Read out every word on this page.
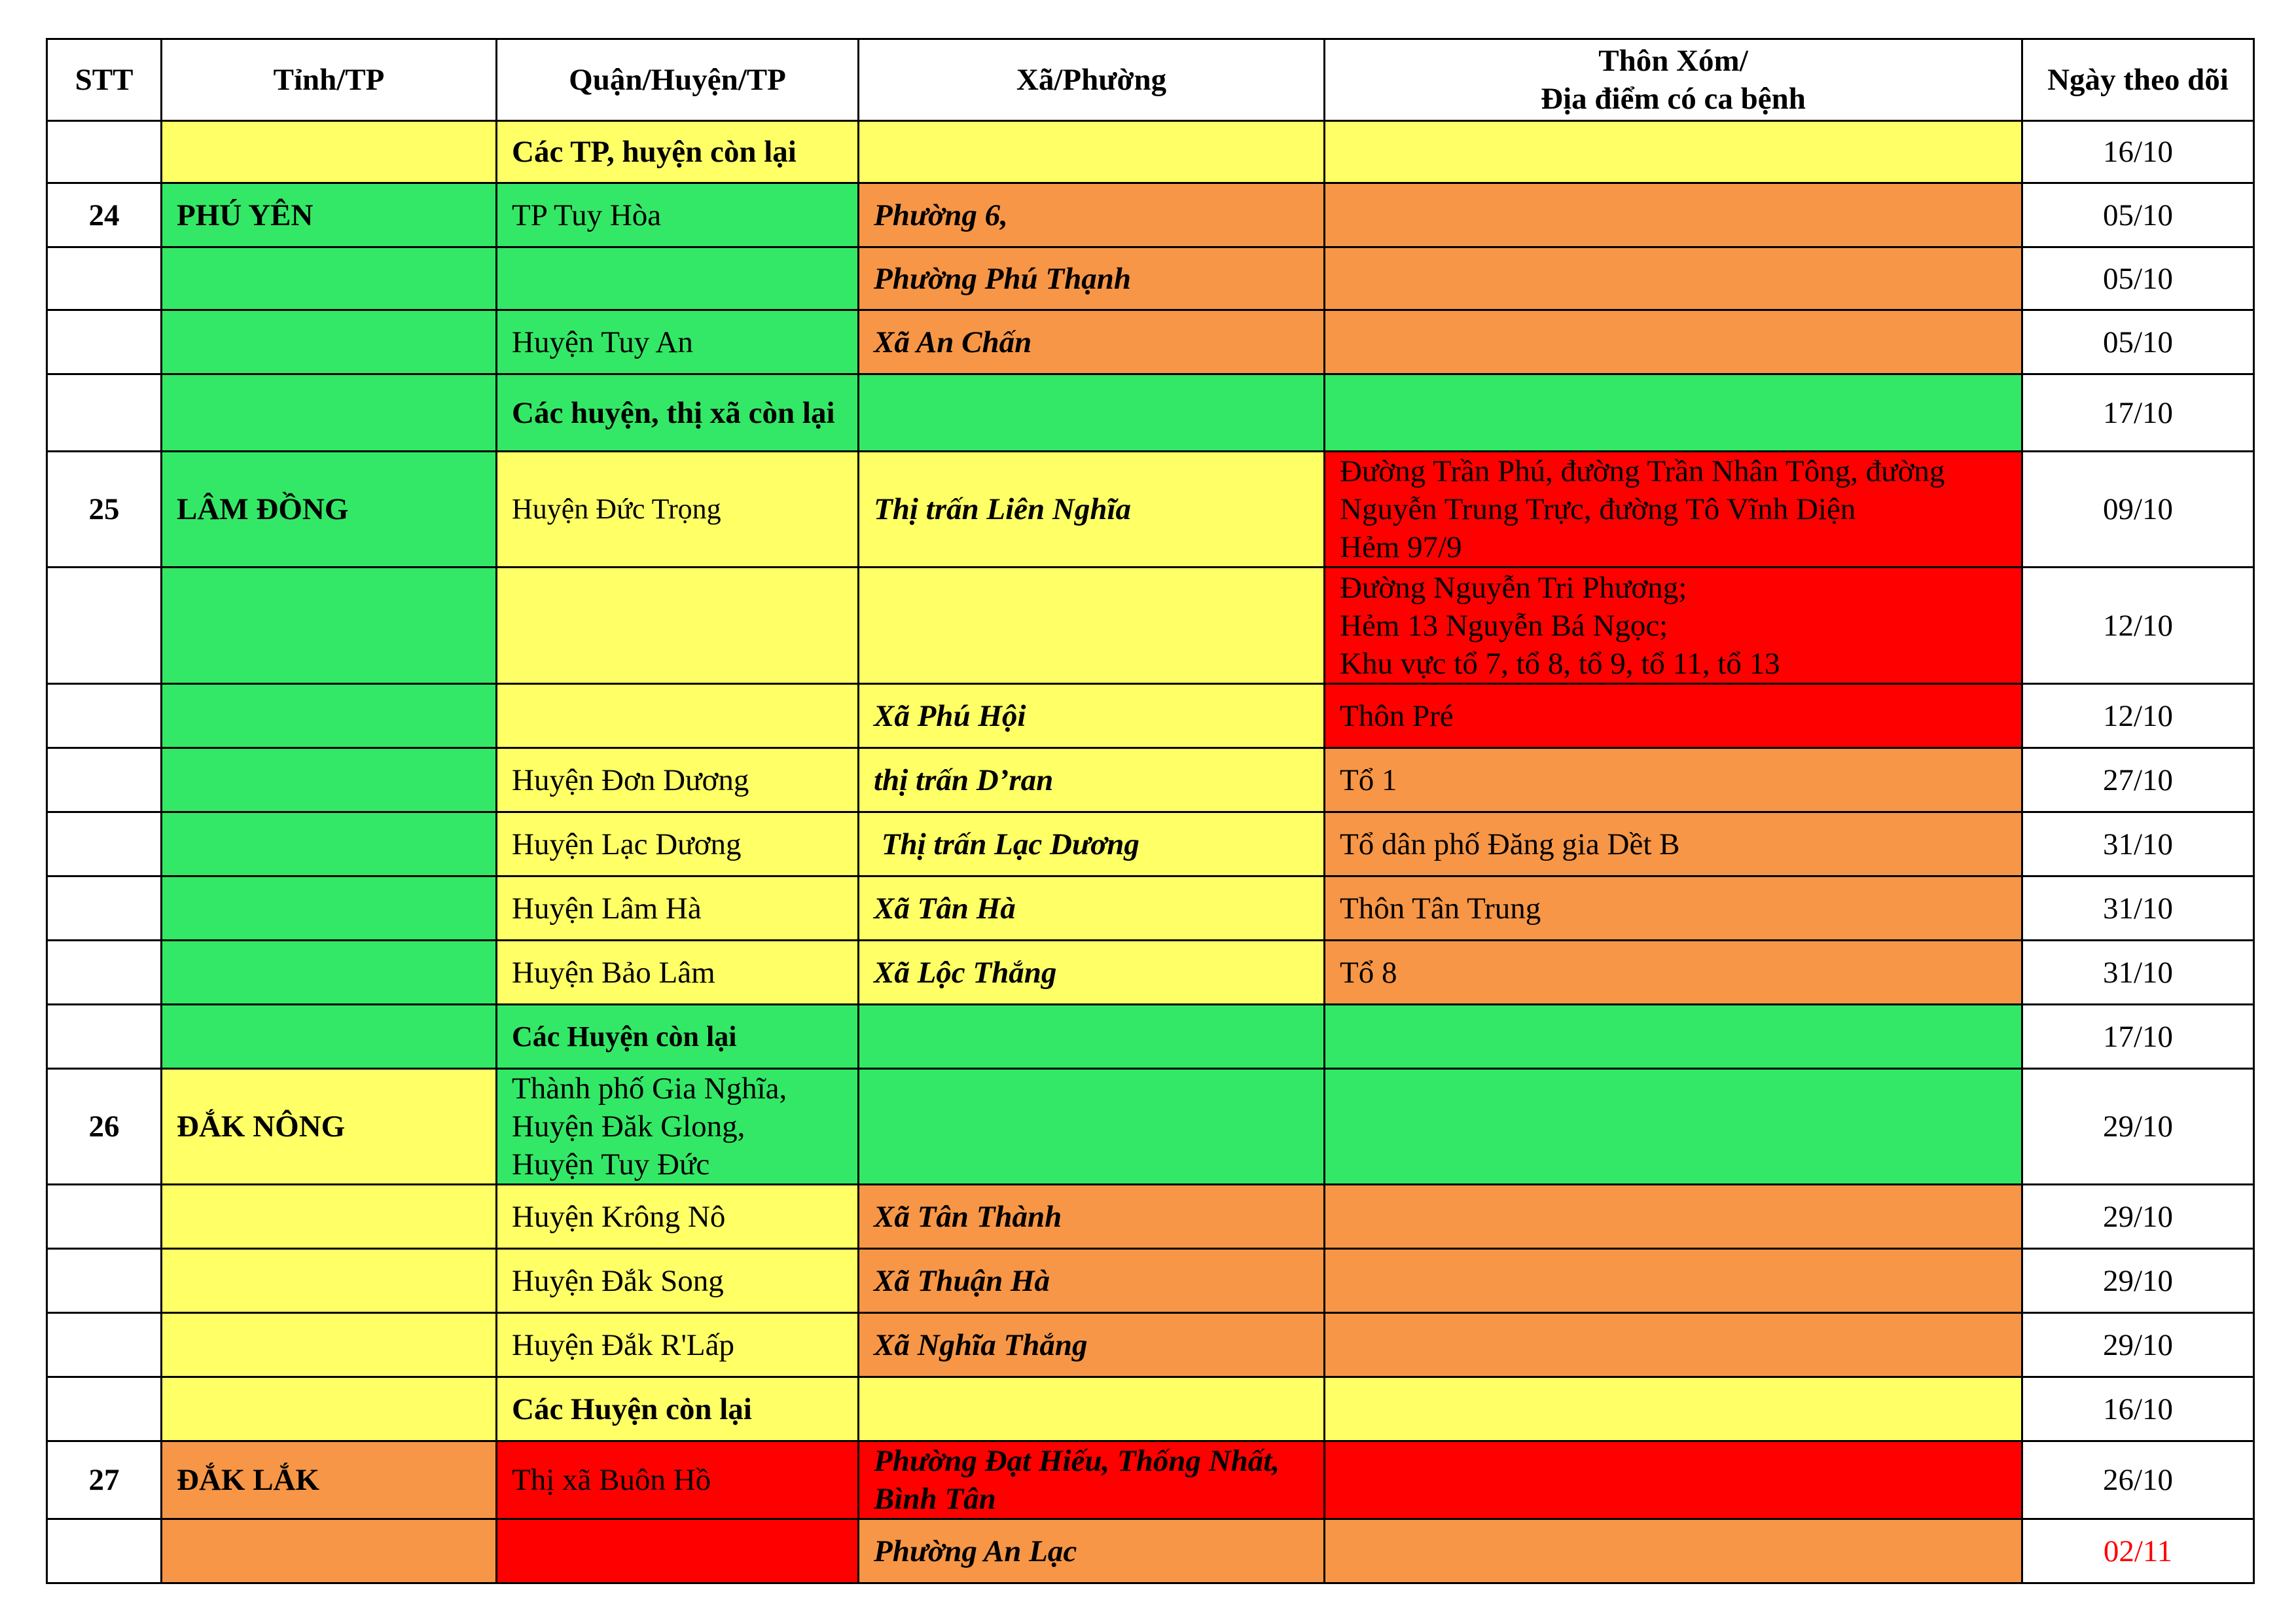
STT	Tỉnh/TP	Quận/Huyện/TP	Xã/Phường	Thôn Xóm/
Địa điểm có ca bệnh	Ngày theo dõi
		Các TP, huyện còn lại			16/10
24	PHÚ YÊN	TP Tuy Hòa	Phường 6,		05/10
			Phường Phú Thạnh		05/10
		Huyện Tuy An	Xã An Chấn		05/10
		Các huyện, thị xã còn lại			17/10
25	LÂM ĐỒNG	Huyện Đức Trọng	Thị trấn Liên Nghĩa	Đường Trần Phú, đường Trần Nhân Tông, đường Nguyễn Trung Trực, đường Tô Vĩnh Diện
Hẻm 97/9	09/10

				Đường Nguyễn Tri Phương;
Hẻm 13 Nguyễn Bá Ngọc;
Khu vực tổ 7, tổ 8, tổ 9, tổ 11, tổ 13	12/10
			Xã Phú Hội	Thôn Pré	12/10
		Huyện Đơn Dương	thị trấn D’ran	Tổ 1	27/10
		Huyện Lạc Dương	Thị trấn Lạc Dương	Tổ dân phố Đăng gia Dềt B	31/10
		Huyện Lâm Hà	Xã Tân Hà	Thôn Tân Trung	31/10
		Huyện Bảo Lâm	Xã Lộc Thắng	Tổ 8	31/10
		Các Huyện còn lại			17/10
26	ĐẮK NÔNG	Thành phố Gia Nghĩa,
Huyện Đăk Glong,
Huyện Tuy Đức			29/10
		Huyện Krông Nô	Xã Tân Thành		29/10
		Huyện Đắk Song	Xã Thuận Hà		29/10
		Huyện Đắk R'Lấp	Xã Nghĩa Thắng		29/10
		Các Huyện còn lại			16/10
27	ĐẮK LẮK	Thị xã Buôn Hồ	Phường Đạt Hiếu, Thống Nhất, Bình Tân		26/10
			Phường An Lạc		02/11
